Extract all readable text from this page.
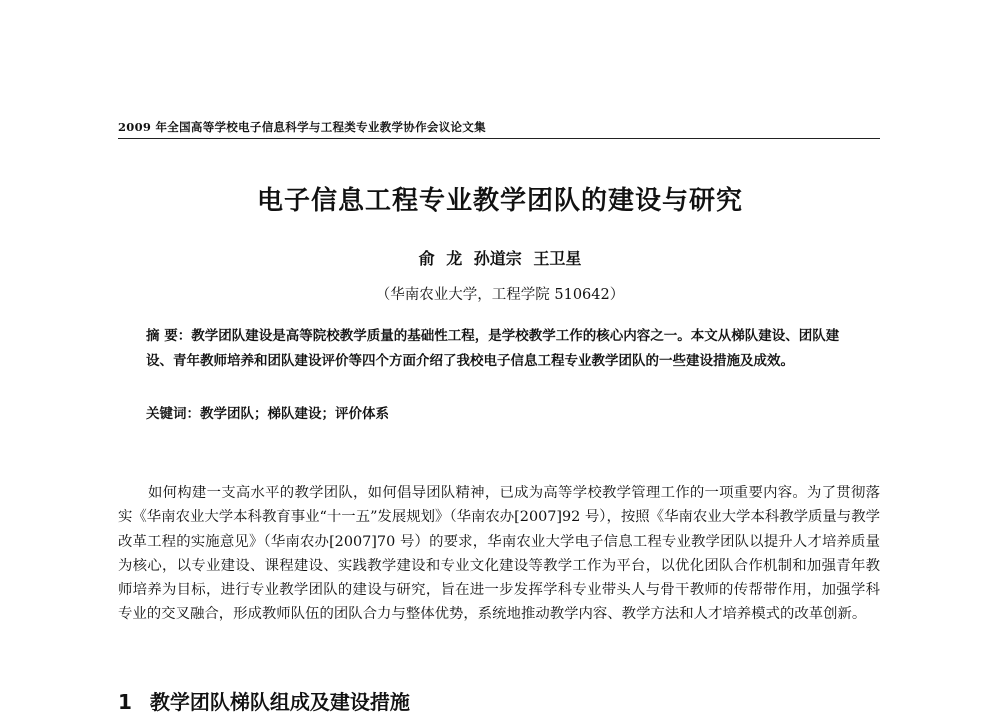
2009 年全国高等学校电子信息科学与工程类专业教学协作会议论文集
电子信息工程专业教学团队的建设与研究
俞 龙 孙道宗 王卫星
（华南农业大学，工程学院 510642）
摘 要：教学团队建设是高等院校教学质量的基础性工程，是学校教学工作的核心内容之一。本文从梯队建设、团队建设、青年教师培养和团队建设评价等四个方面介绍了我校电子信息工程专业教学团队的一些建设措施及成效。
关键词：教学团队；梯队建设；评价体系
如何构建一支高水平的教学团队，如何倡导团队精神，已成为高等学校教学管理工作的一项重要内容。为了贯彻落实《华南农业大学本科教育事业“十一五”发展规划》（华南农办[2007]92 号），按照《华南农业大学本科教学质量与教学改革工程的实施意见》（华南农办[2007]70 号）的要求，华南农业大学电子信息工程专业教学团队以提升人才培养质量为核心，以专业建设、课程建设、实践教学建设和专业文化建设等教学工作为平台，以优化团队合作机制和加强青年教师培养为目标，进行专业教学团队的建设与研究，旨在进一步发挥学科专业带头人与骨干教师的传帮带作用，加强学科专业的交叉融合，形成教师队伍的团队合力与整体优势，系统地推动教学内容、教学方法和人才培养模式的改革创新。
1 教学团队梯队组成及建设措施
